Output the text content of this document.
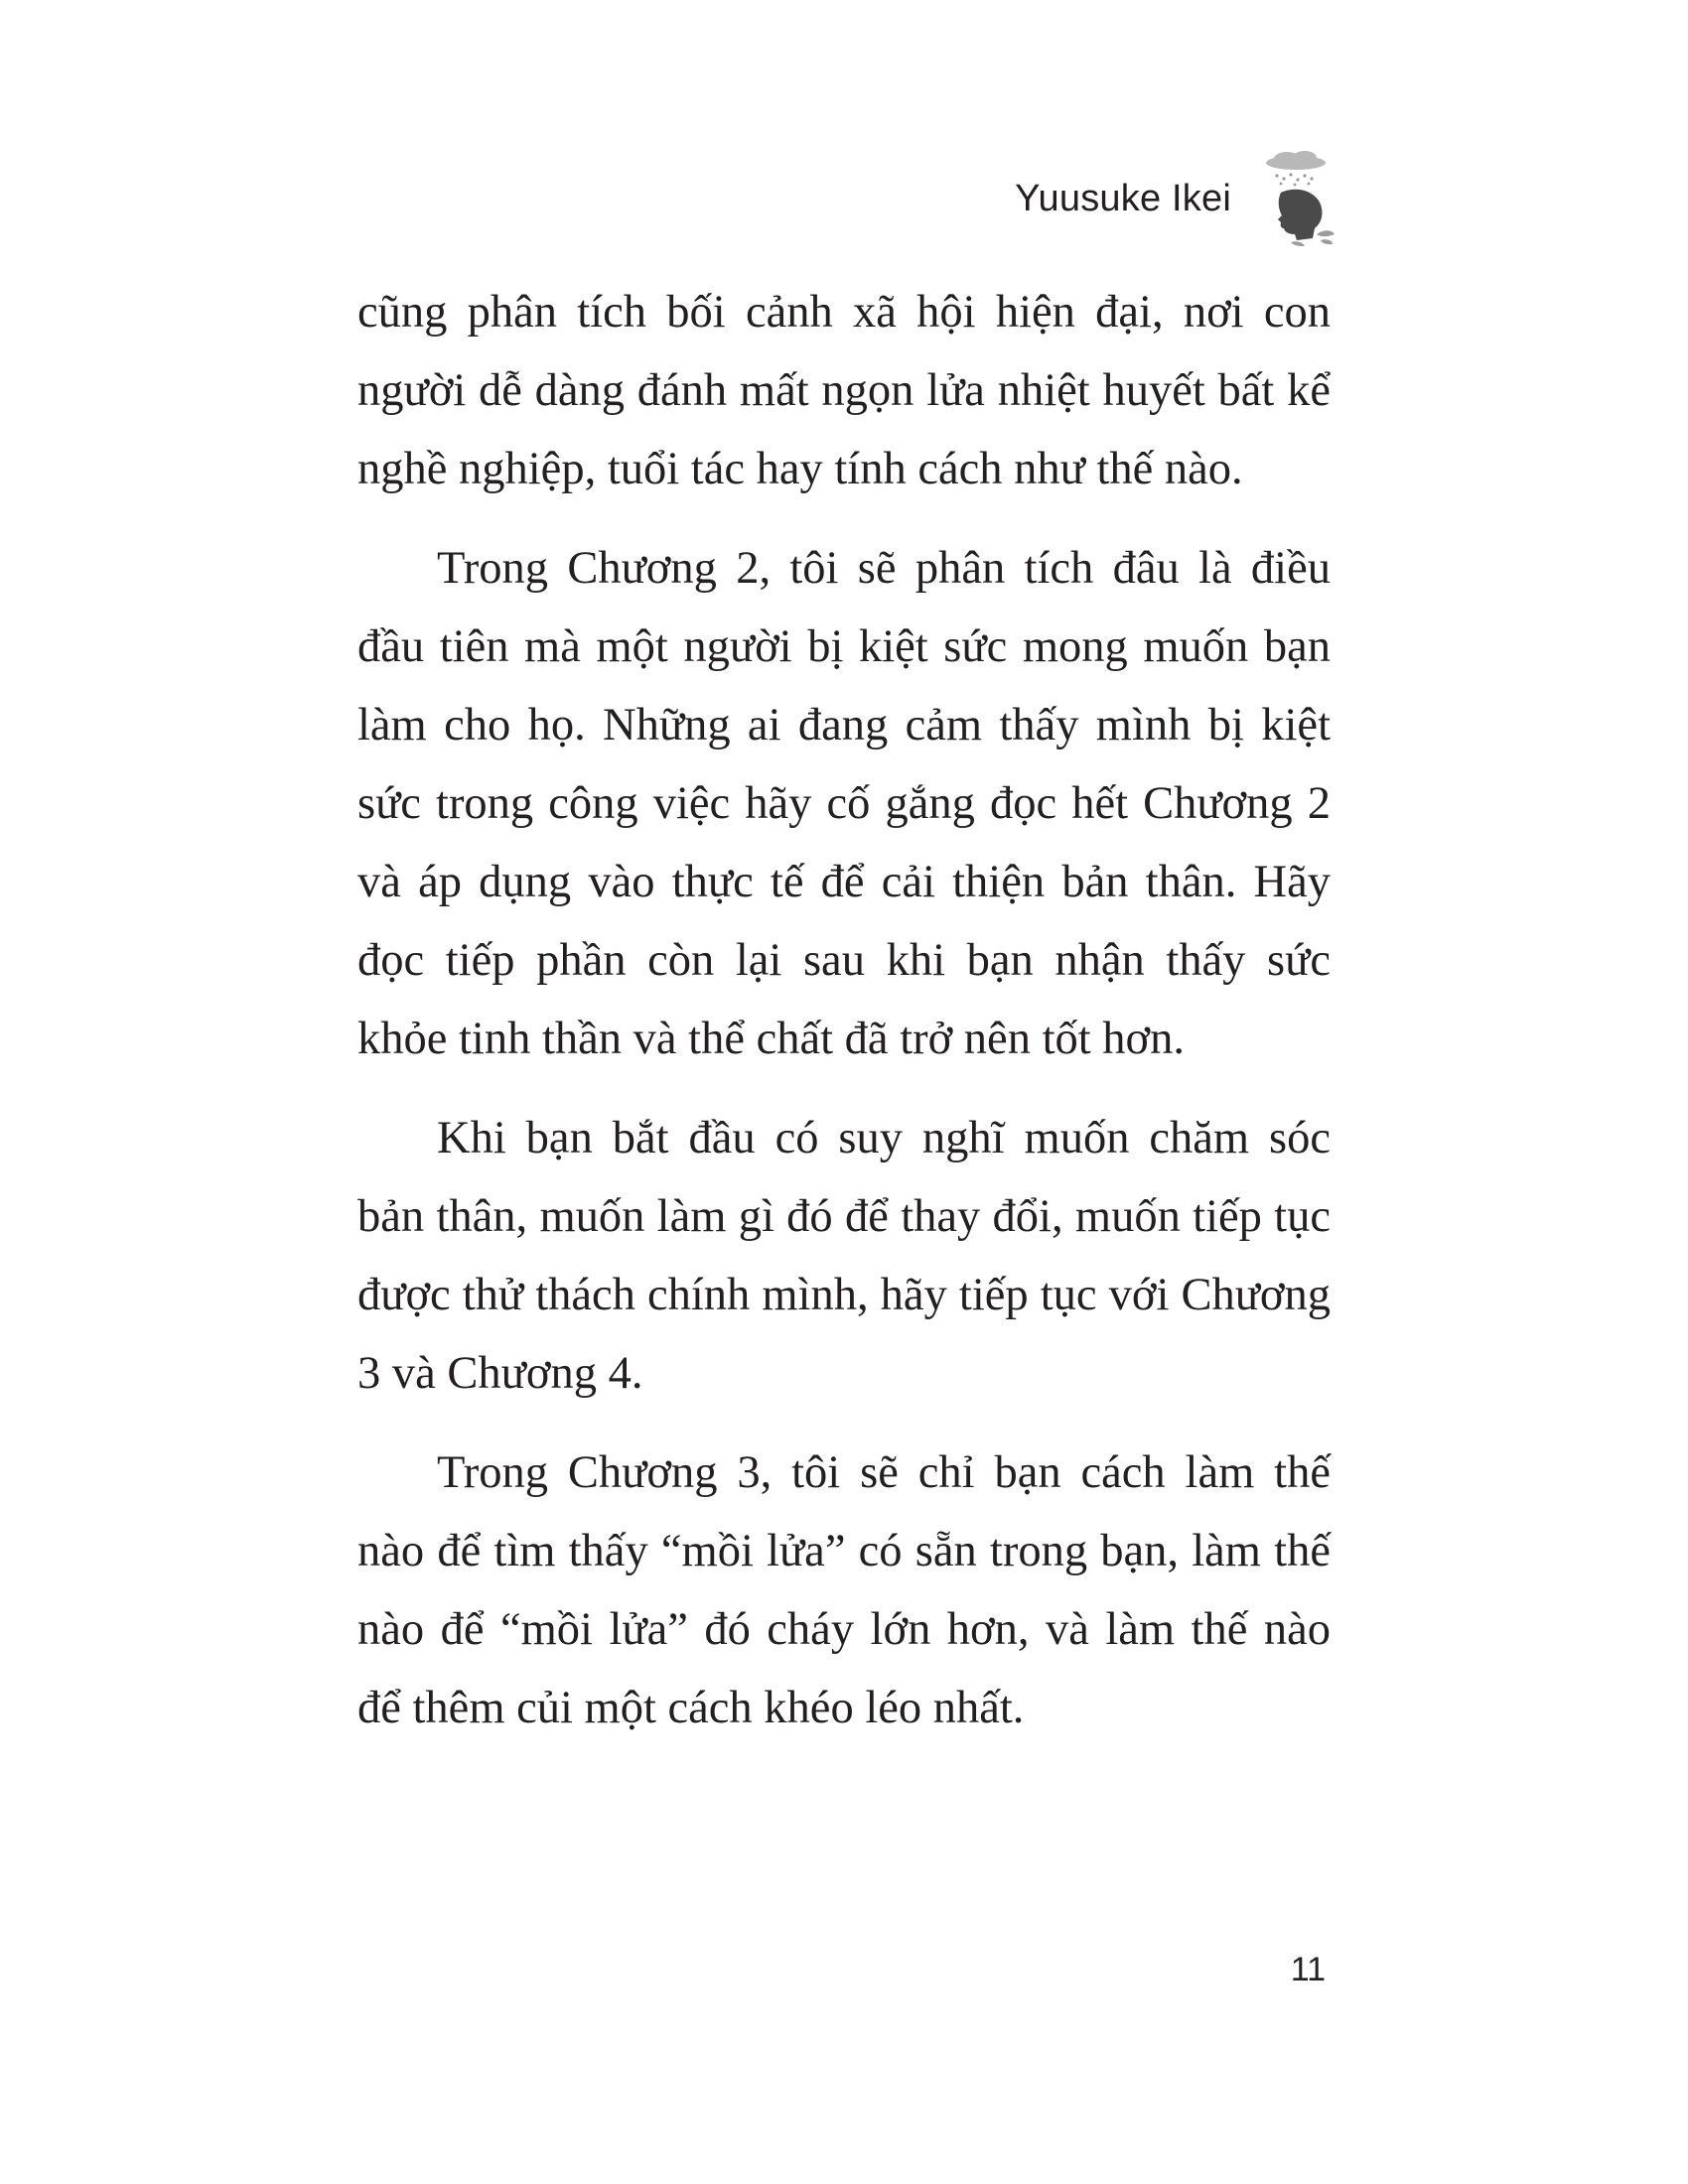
Yuusuke Ikei

cũng phân tích bối cảnh xã hội hiện đại, nơi con người dễ dàng đánh mất ngọn lửa nhiệt huyết bất kể nghề nghiệp, tuổi tác hay tính cách như thế nào.

Trong Chương 2, tôi sẽ phân tích đâu là điều đầu tiên mà một người bị kiệt sức mong muốn bạn làm cho họ. Những ai đang cảm thấy mình bị kiệt sức trong công việc hãy cố gắng đọc hết Chương 2 và áp dụng vào thực tế để cải thiện bản thân. Hãy đọc tiếp phần còn lại sau khi bạn nhận thấy sức khỏe tinh thần và thể chất đã trở nên tốt hơn.

Khi bạn bắt đầu có suy nghĩ muốn chăm sóc bản thân, muốn làm gì đó để thay đổi, muốn tiếp tục được thử thách chính mình, hãy tiếp tục với Chương 3 và Chương 4.

Trong Chương 3, tôi sẽ chỉ bạn cách làm thế nào để tìm thấy “mồi lửa” có sẵn trong bạn, làm thế nào để “mồi lửa” đó cháy lớn hơn, và làm thế nào để thêm củi một cách khéo léo nhất.

11
